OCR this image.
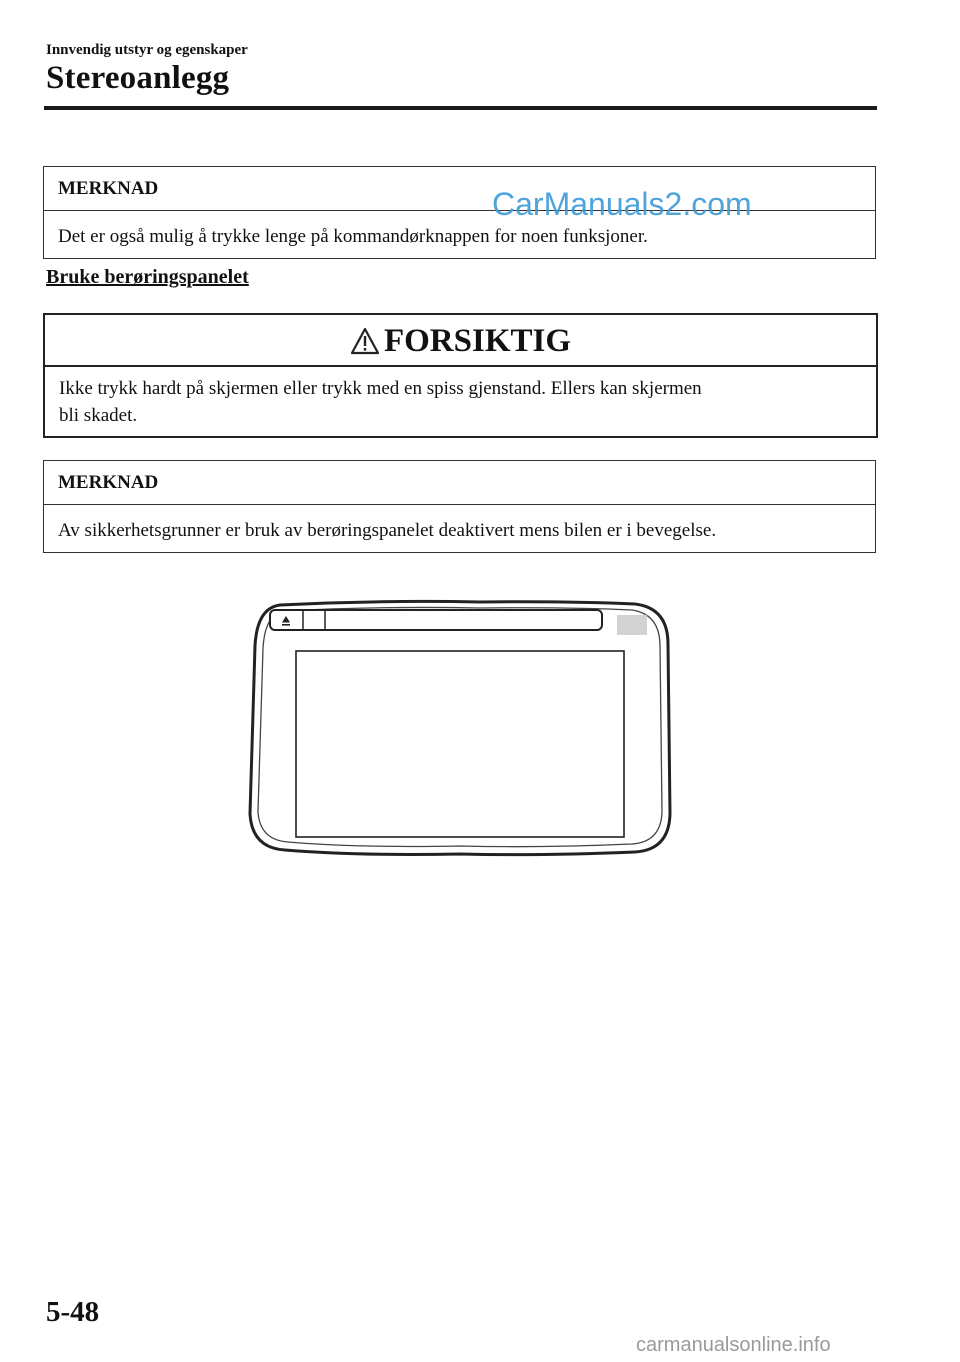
Innvendig utstyr og egenskaper
Stereoanlegg
MERKNAD
Det er også mulig å trykke lenge på kommandørknappen for noen funksjoner.
CarManuals2.com
Bruke berøringspanelet
FORSIKTIG
Ikke trykk hardt på skjermen eller trykk med en spiss gjenstand. Ellers kan skjermen
bli skadet.
MERKNAD
Av sikkerhetsgrunner er bruk av berøringspanelet deaktivert mens bilen er i bevegelse.
5-48
carmanualsonline.info
